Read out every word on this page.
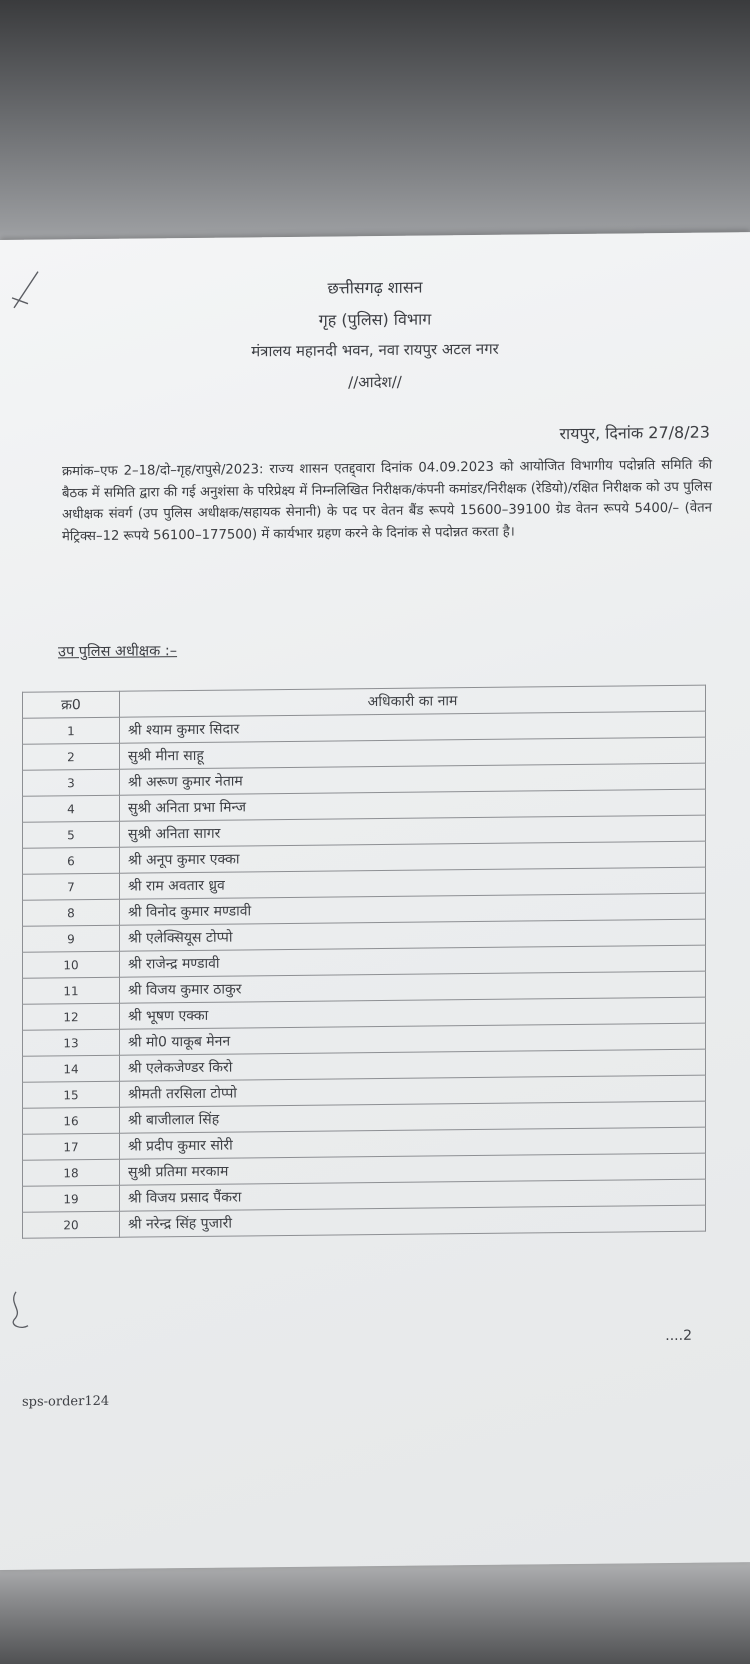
छत्तीसगढ़ शासन
गृह (पुलिस) विभाग
मंत्रालय महानदी भवन, नवा रायपुर अटल नगर
//आदेश//
रायपुर, दिनांक 27/8/23
क्रमांक–एफ 2–18/दो–गृह/रापुसे/2023: राज्य शासन एतद्द्वारा दिनांक 04.09.2023 को आयोजित विभागीय पदोन्नति समिति की बैठक में समिति द्वारा की गई अनुशंसा के परिप्रेक्ष्य में निम्नलिखित निरीक्षक/कंपनी कमांडर/निरीक्षक (रेडियो)/रक्षित निरीक्षक को उप पुलिस अधीक्षक संवर्ग (उप पुलिस अधीक्षक/सहायक सेनानी) के पद पर वेतन बैंड रूपये 15600–39100 ग्रेड वेतन रूपये 5400/– (वेतन मेट्रिक्स–12 रूपये 56100–177500) में कार्यभार ग्रहण करने के दिनांक से पदोन्नत करता है।
उप पुलिस अधीक्षक :–
क्र0	अधिकारी का नाम
1	श्री श्याम कुमार सिदार
2	सुश्री मीना साहू
3	श्री अरूण कुमार नेताम
4	सुश्री अनिता प्रभा मिन्ज
5	सुश्री अनिता सागर
6	श्री अनूप कुमार एक्का
7	श्री राम अवतार ध्रुव
8	श्री विनोद कुमार मण्डावी
9	श्री एलेक्सियूस टोप्पो
10	श्री राजेन्द्र मण्डावी
11	श्री विजय कुमार ठाकुर
12	श्री भूषण एक्का
13	श्री मो0 याकूब मेनन
14	श्री एलेकजेण्डर किरो
15	श्रीमती तरसिला टोप्पो
16	श्री बाजीलाल सिंह
17	श्री प्रदीप कुमार सोरी
18	सुश्री प्रतिमा मरकाम
19	श्री विजय प्रसाद पैंकरा
20	श्री नरेन्द्र सिंह पुजारी
....2
sps-order124
